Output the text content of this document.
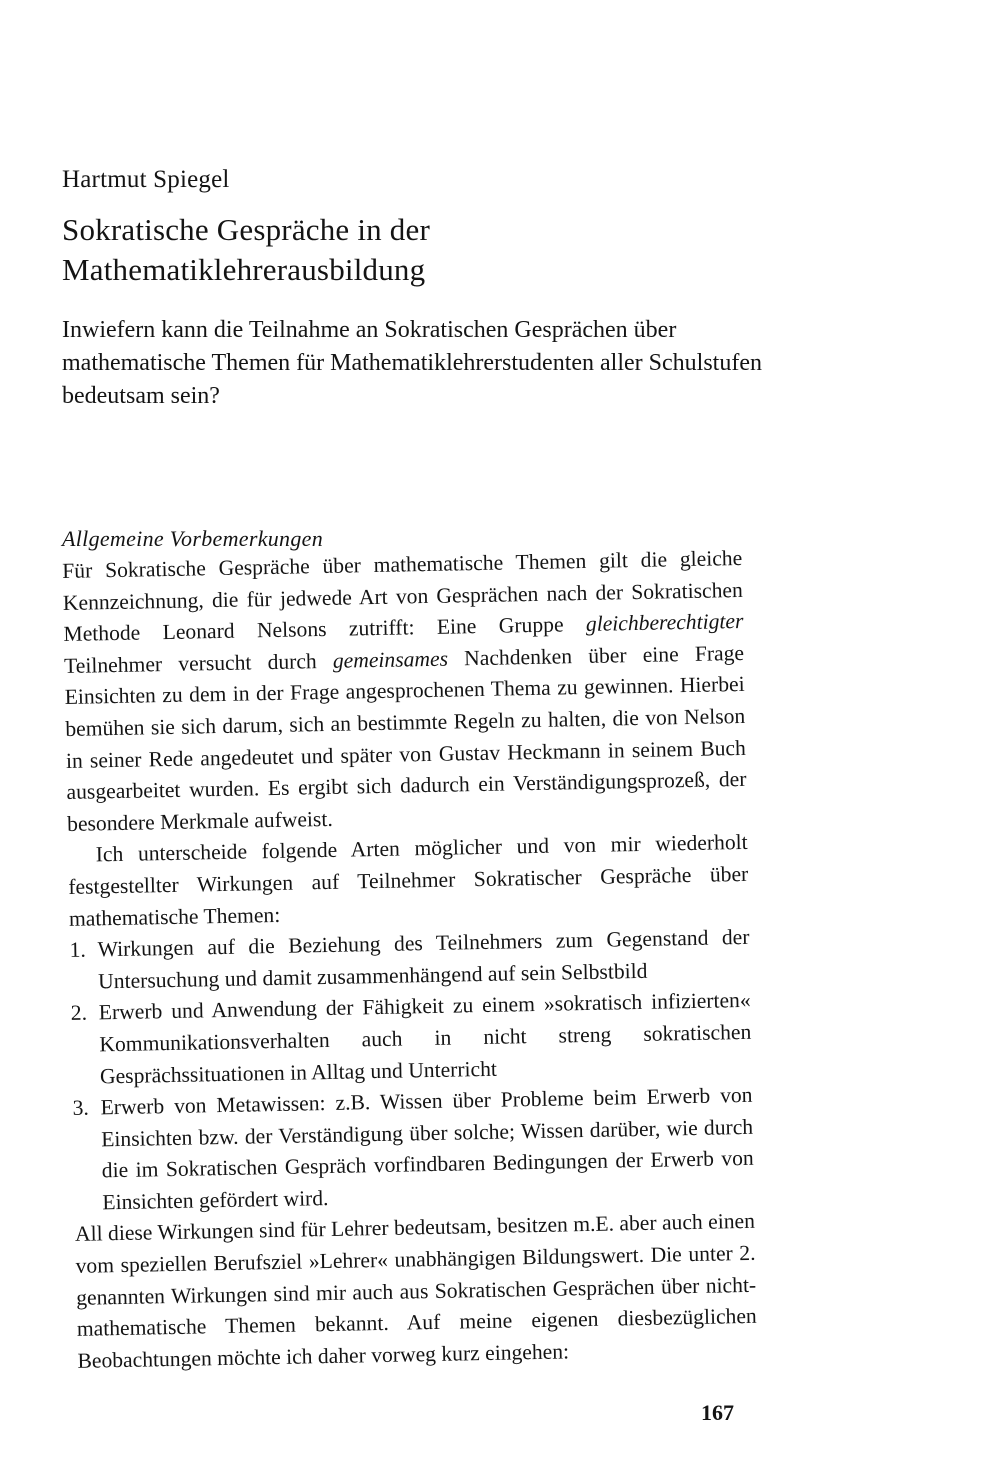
Hartmut Spiegel
Sokratische Gespräche in der
Mathematiklehrerausbildung
Inwiefern kann die Teilnahme an Sokratischen Gesprächen über mathematische Themen für Mathematiklehrerstudenten aller Schulstufen bedeutsam sein?
Allgemeine Vorbemerkungen

Für Sokratische Gespräche über mathematische Themen gilt die gleiche Kennzeichnung, die für jedwede Art von Gesprächen nach der Sokratischen Methode Leonard Nelsons zutrifft: Eine Gruppe gleichberechtigter Teilnehmer versucht durch gemeinsames Nachdenken über eine Frage Einsichten zu dem in der Frage angesprochenen Thema zu gewinnen. Hierbei bemühen sie sich darum, sich an bestimmte Regeln zu halten, die von Nelson in seiner Rede angedeutet und später von Gustav Heckmann in seinem Buch ausgearbeitet wurden. Es ergibt sich dadurch ein Verständigungsprozeß, der besondere Merkmale aufweist.

Ich unterscheide folgende Arten möglicher und von mir wiederholt festgestellter Wirkungen auf Teilnehmer Sokratischer Gespräche über mathematische Themen:

1. Wirkungen auf die Beziehung des Teilnehmers zum Gegenstand der Untersuchung und damit zusammenhängend auf sein Selbstbild
2. Erwerb und Anwendung der Fähigkeit zu einem »sokratisch infizierten« Kommunikationsverhalten auch in nicht streng sokratischen Gesprächssituationen in Alltag und Unterricht
3. Erwerb von Metawissen: z.B. Wissen über Probleme beim Erwerb von Einsichten bzw. der Verständigung über solche; Wissen darüber, wie durch die im Sokratischen Gespräch vorfindbaren Bedingungen der Erwerb von Einsichten gefördert wird.

All diese Wirkungen sind für Lehrer bedeutsam, besitzen m.E. aber auch einen vom speziellen Berufsziel »Lehrer« unabhängigen Bildungswert. Die unter 2. genannten Wirkungen sind mir auch aus Sokratischen Gesprächen über nicht-mathematische Themen bekannt. Auf meine eigenen diesbezüglichen Beobachtungen möchte ich daher vorweg kurz eingehen:

167
